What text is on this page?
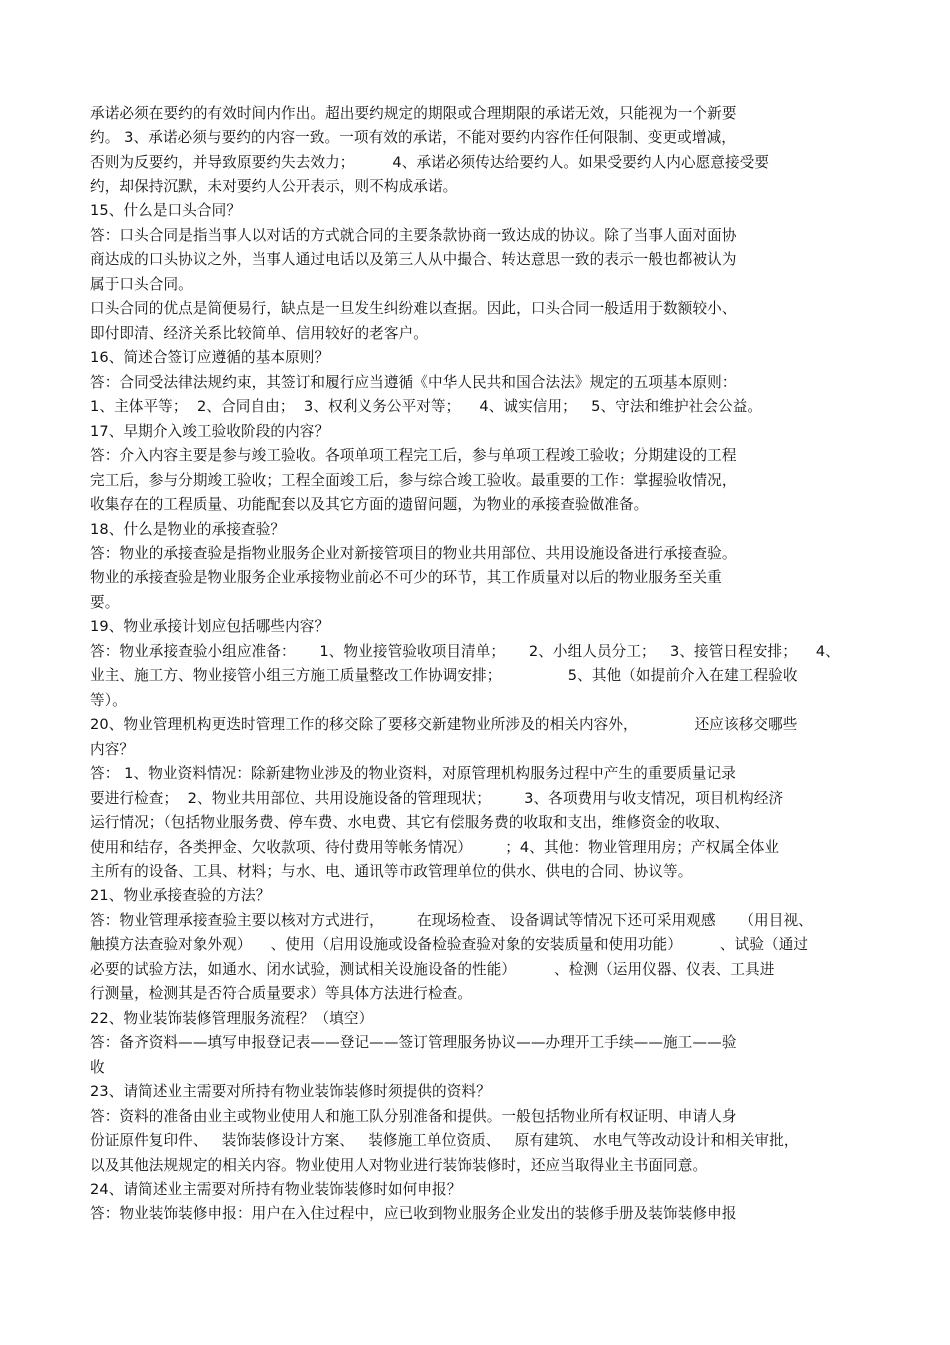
承诺必须在要约的有效时间内作出。超出要约规定的期限或合理期限的承诺无效，只能视为一个新要
约。 3、承诺必须与要约的内容一致。一项有效的承诺，不能对要约内容作任何限制、变更或增减，
否则为反要约，并导致原要约失去效力；        4、承诺必须传达给要约人。如果受要约人内心愿意接受要
约，却保持沉默，未对要约人公开表示，则不构成承诺。
15、什么是口头合同？
答：口头合同是指当事人以对话的方式就合同的主要条款协商一致达成的协议。除了当事人面对面协
商达成的口头协议之外，当事人通过电话以及第三人从中撮合、转达意思一致的表示一般也都被认为
属于口头合同。
口头合同的优点是简便易行，缺点是一旦发生纠纷难以查据。因此，口头合同一般适用于数额较小、
即付即清、经济关系比较简单、信用较好的老客户。
16、简述合签订应遵循的基本原则？
答：合同受法律法规约束，其签订和履行应当遵循《中华人民共和国合法法》规定的五项基本原则：
1、主体平等；  2、合同自由；  3、权利义务公平对等；    4、诚实信用；   5、守法和维护社会公益。
17、早期介入竣工验收阶段的内容？
答：介入内容主要是参与竣工验收。各项单项工程完工后，参与单项工程竣工验收；分期建设的工程
完工后，参与分期竣工验收；工程全面竣工后，参与综合竣工验收。最重要的工作：掌握验收情况，
收集存在的工程质量、功能配套以及其它方面的遗留问题，为物业的承接查验做准备。
18、什么是物业的承接查验？
答：物业的承接查验是指物业服务企业对新接管项目的物业共用部位、共用设施设备进行承接查验。
物业的承接查验是物业服务企业承接物业前必不可少的环节，其工作质量对以后的物业服务至关重
要。
19、物业承接计划应包括哪些内容？
答：物业承接查验小组应准备：     1、物业接管验收项目清单；     2、小组人员分工；   3、接管日程安排；    4、
业主、施工方、物业接管小组三方施工质量整改工作协调安排；              5、其他（如提前介入在建工程验收
等）。
20、物业管理机构更迭时管理工作的移交除了要移交新建物业所涉及的相关内容外，            还应该移交哪些
内容？
答： 1、物业资料情况：除新建物业涉及的物业资料，对原管理机构服务过程中产生的重要质量记录
要进行检查；  2、物业共用部位、共用设施设备的管理现状；       3、各项费用与收支情况，项目机构经济
运行情况；（包括物业服务费、停车费、水电费、其它有偿服务费的收取和支出，维修资金的收取、
使用和结存，各类押金、欠收款项、待付费用等帐务情况）       ；4、其他：物业管理用房；产权属全体业
主所有的设备、工具、材料；与水、电、通讯等市政管理单位的供水、供电的合同、协议等。
21、物业承接查验的方法？
答：物业管理承接查验主要以核对方式进行，       在现场检查、 设备调试等情况下还可采用观感     （用目视、
触摸方法查验对象外观）    、使用（启用设施或设备检验查验对象的安装质量和使用功能）        、试验（通过
必要的试验方法，如通水、闭水试验，测试相关设施设备的性能）        、检测（运用仪器、仪表、工具进
行测量，检测其是否符合质量要求）等具体方法进行检查。
22、物业装饰装修管理服务流程？（填空）
答：备齐资料——填写申报登记表——登记——签订管理服务协议——办理开工手续——施工——验
收
23、请简述业主需要对所持有物业装饰装修时须提供的资料？
答：资料的准备由业主或物业使用人和施工队分别准备和提供。一般包括物业所有权证明、申请人身
份证原件复印件、   装饰装修设计方案、   装修施工单位资质、   原有建筑、 水电气等改动设计和相关审批，
以及其他法规规定的相关内容。物业使用人对物业进行装饰装修时，还应当取得业主书面同意。
24、请简述业主需要对所持有物业装饰装修时如何申报？
答：物业装饰装修申报：用户在入住过程中，应已收到物业服务企业发出的装修手册及装饰装修申报
